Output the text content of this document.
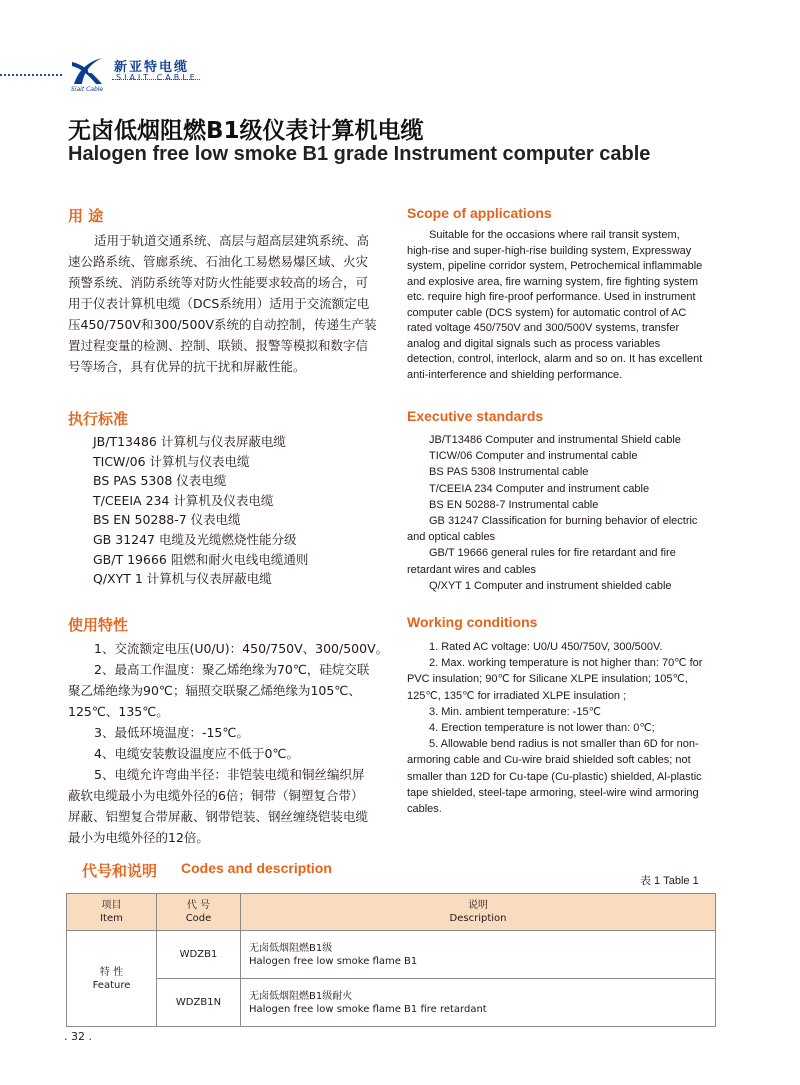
新亚特电缆
SIAIT CABLE
Siait Cable
无卤低烟阻燃B1级仪表计算机电缆
Halogen free low smoke B1 grade Instrument computer cable
用 途	Scope of applications
适用于轨道交通系统、高层与超高层建筑系统、高
速公路系统、管廊系统、石油化工易燃易爆区域、火灾
预警系统、消防系统等对防火性能要求较高的场合，可
用于仪表计算机电缆（DCS系统用）适用于交流额定电
压450/750V和300/500V系统的自动控制，传递生产装
置过程变量的检测、控制、联锁、报警等模拟和数字信
号等场合，具有优异的抗干扰和屏蔽性能。
Suitable for the occasions where rail transit system,
high-rise and super-high-rise building system, Expressway
system, pipeline corridor system, Petrochemical inflammable
and explosive area, fire warning system, fire fighting system
etc. require high fire-proof performance. Used in instrument
computer cable (DCS system) for automatic control of AC
rated voltage 450/750V and 300/500V systems, transfer
analog and digital signals such as process variables
detection, control, interlock, alarm and so on. It has excellent
anti-interference and shielding performance.
执行标准	Executive standards
JB/T13486 计算机与仪表屏蔽电缆
TICW/06 计算机与仪表电缆
BS PAS 5308 仪表电缆
T/CEEIA 234 计算机及仪表电缆
BS EN 50288-7 仪表电缆
GB 31247 电缆及光缆燃烧性能分级
GB/T 19666 阻燃和耐火电线电缆通则
Q/XYT 1 计算机与仪表屏蔽电缆
JB/T13486 Computer and instrumental Shield cable
TICW/06 Computer and instrumental cable
BS PAS 5308 Instrumental cable
T/CEEIA 234 Computer and instrument cable
BS EN 50288-7 Instrumental cable
GB 31247 Classification for burning behavior of electric
and optical cables
GB/T 19666 general rules for fire retardant and fire
retardant wires and cables
Q/XYT 1 Computer and instrument shielded cable
使用特性	Working conditions
1、交流额定电压(U0/U)：450/750V、300/500V。
2、最高工作温度：聚乙烯绝缘为70℃，硅烷交联
聚乙烯绝缘为90℃；辐照交联聚乙烯绝缘为105℃、
125℃、135℃。
3、最低环境温度：-15℃。
4、电缆安装敷设温度应不低于0℃。
5、电缆允许弯曲半径：非铠装电缆和铜丝编织屏
蔽软电缆最小为电缆外径的6倍；铜带（铜塑复合带）
屏蔽、铝塑复合带屏蔽、钢带铠装、钢丝缠绕铠装电缆
最小为电缆外径的12倍。
1. Rated AC voltage: U0/U 450/750V, 300/500V.
2. Max. working temperature is not higher than: 70℃ for
PVC insulation; 90℃ for Silicane XLPE insulation; 105℃,
125℃, 135℃ for irradiated XLPE insulation ;
3. Min. ambient temperature: -15℃
4. Erection temperature is not lower than: 0℃;
5. Allowable bend radius is not smaller than 6D for non-
armoring cable and Cu-wire braid shielded soft cables; not
smaller than 12D for Cu-tape (Cu-plastic) shielded, Al-plastic
tape shielded, steel-tape armoring, steel-wire wind armoring
cables.
代号和说明 Codes and description
表 1 Table 1
项目
Item	代 号
Code	说明
Description

特 性
Feature	WDZB1	无卤低烟阻燃B1级
Halogen free low smoke flame B1

	WDZB1N	无卤低烟阻燃B1级耐火
Halogen free low smoke flame B1 fire retardant
. 32 .
